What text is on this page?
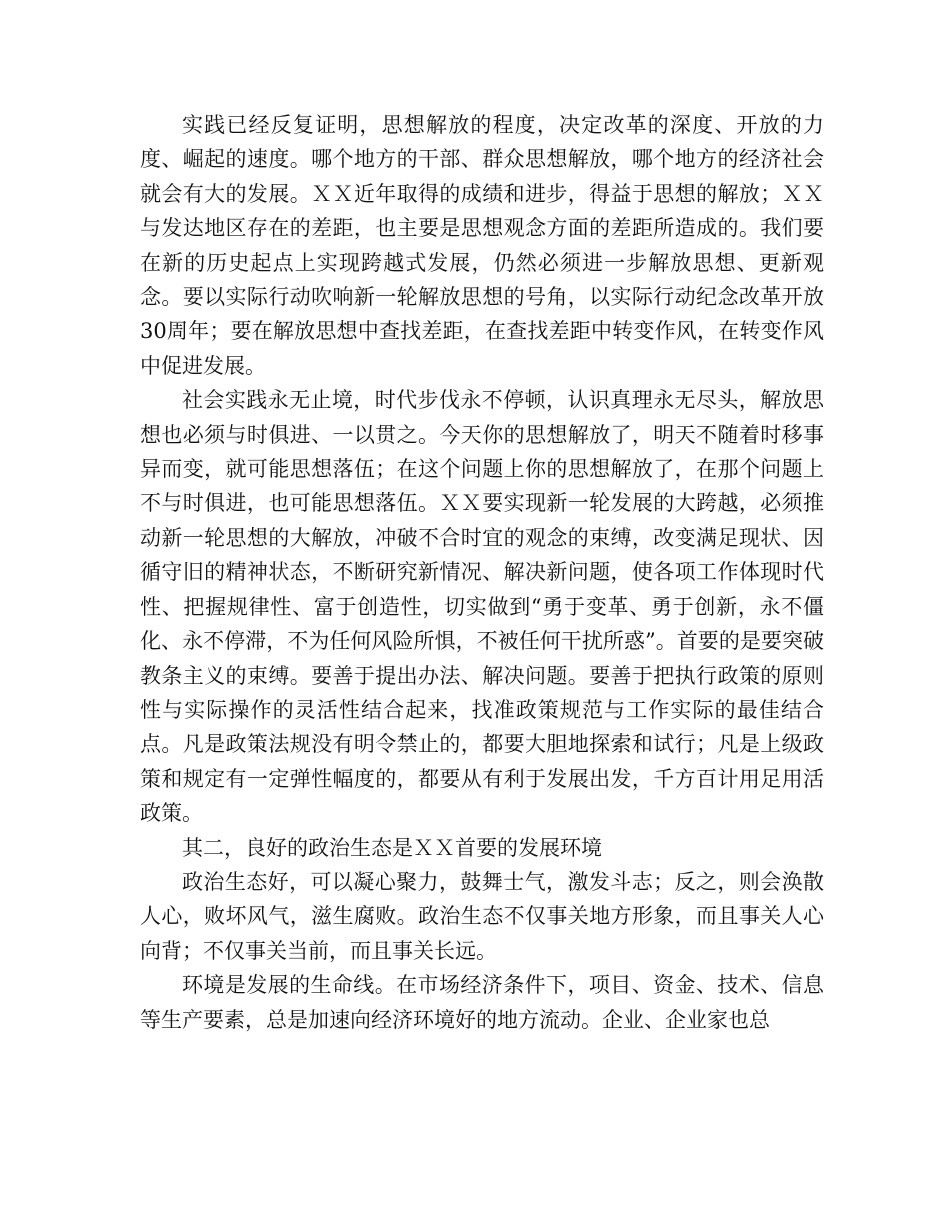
实践已经反复证明，思想解放的程度，决定改革的深度、开放的力度、崛起的速度。哪个地方的干部、群众思想解放，哪个地方的经济社会就会有大的发展。ＸＸ近年取得的成绩和进步，得益于思想的解放；ＸＸ与发达地区存在的差距，也主要是思想观念方面的差距所造成的。我们要在新的历史起点上实现跨越式发展，仍然必须进一步解放思想、更新观念。要以实际行动吹响新一轮解放思想的号角，以实际行动纪念改革开放30周年；要在解放思想中查找差距，在查找差距中转变作风，在转变作风中促进发展。

社会实践永无止境，时代步伐永不停顿，认识真理永无尽头，解放思想也必须与时俱进、一以贯之。今天你的思想解放了，明天不随着时移事异而变，就可能思想落伍；在这个问题上你的思想解放了，在那个问题上不与时俱进，也可能思想落伍。ＸＸ要实现新一轮发展的大跨越，必须推动新一轮思想的大解放，冲破不合时宜的观念的束缚，改变满足现状、因循守旧的精神状态，不断研究新情况、解决新问题，使各项工作体现时代性、把握规律性、富于创造性，切实做到“勇于变革、勇于创新，永不僵化、永不停滞，不为任何风险所惧，不被任何干扰所惑”。首要的是要突破教条主义的束缚。要善于提出办法、解决问题。要善于把执行政策的原则性与实际操作的灵活性结合起来，找准政策规范与工作实际的最佳结合点。凡是政策法规没有明令禁止的，都要大胆地探索和试行；凡是上级政策和规定有一定弹性幅度的，都要从有利于发展出发，千方百计用足用活政策。

其二，良好的政治生态是ＸＸ首要的发展环境

政治生态好，可以凝心聚力，鼓舞士气，激发斗志；反之，则会涣散人心，败坏风气，滋生腐败。政治生态不仅事关地方形象，而且事关人心向背；不仅事关当前，而且事关长远。

环境是发展的生命线。在市场经济条件下，项目、资金、技术、信息等生产要素，总是加速向经济环境好的地方流动。企业、企业家也总
